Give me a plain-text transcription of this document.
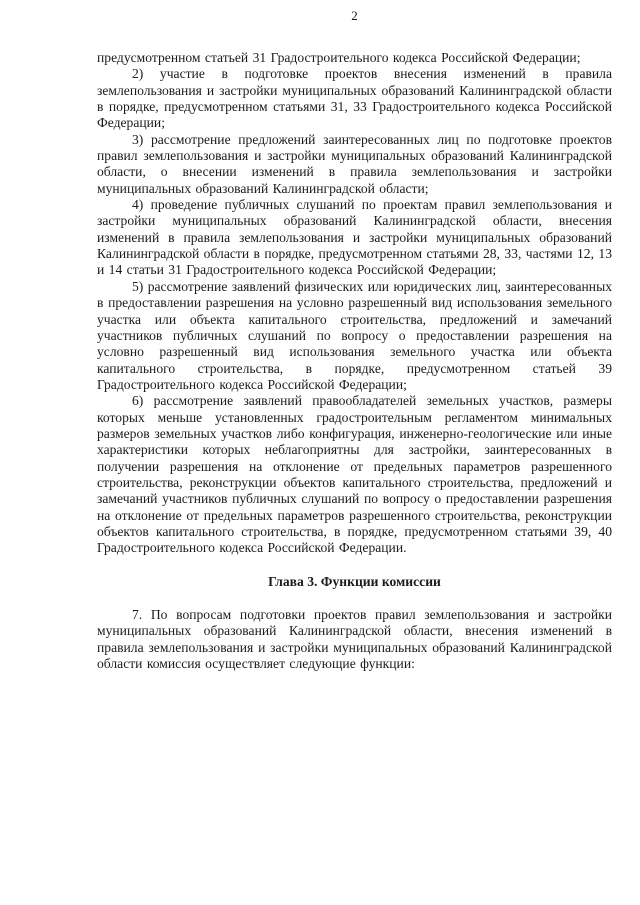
2

предусмотренном статьей 31 Градостроительного кодекса Российской Федерации;

2) участие в подготовке проектов внесения изменений в правила землепользования и застройки муниципальных образований Калининградской области в порядке, предусмотренном статьями 31, 33 Градостроительного кодекса Российской Федерации;

3) рассмотрение предложений заинтересованных лиц по подготовке проектов правил землепользования и застройки муниципальных образований Калининградской области, о внесении изменений в правила землепользования и застройки муниципальных образований Калининградской области;

4) проведение публичных слушаний по проектам правил землепользования и застройки муниципальных образований Калининградской области, внесения изменений в правила землепользования и застройки муниципальных образований Калининградской области в порядке, предусмотренном статьями 28, 33, частями 12, 13 и 14 статьи 31 Градостроительного кодекса Российской Федерации;

5) рассмотрение заявлений физических или юридических лиц, заинтересованных в предоставлении разрешения на условно разрешенный вид использования земельного участка или объекта капитального строительства, предложений и замечаний участников публичных слушаний по вопросу о предоставлении разрешения на условно разрешенный вид использования земельного участка или объекта капитального строительства, в порядке, предусмотренном статьей 39 Градостроительного кодекса Российской Федерации;

6) рассмотрение заявлений правообладателей земельных участков, размеры которых меньше установленных градостроительным регламентом минимальных размеров земельных участков либо конфигурация, инженерно-геологические или иные характеристики которых неблагоприятны для застройки, заинтересованных в получении разрешения на отклонение от предельных параметров разрешенного строительства, реконструкции объектов капитального строительства, предложений и замечаний участников публичных слушаний по вопросу о предоставлении разрешения на отклонение от предельных параметров разрешенного строительства, реконструкции объектов капитального строительства, в порядке, предусмотренном статьями 39, 40 Градостроительного кодекса Российской Федерации.

Глава 3. Функции комиссии

7. По вопросам подготовки проектов правил землепользования и застройки муниципальных образований Калининградской области, внесения изменений в правила землепользования и застройки муниципальных образований Калининградской области комиссия осуществляет следующие функции:
